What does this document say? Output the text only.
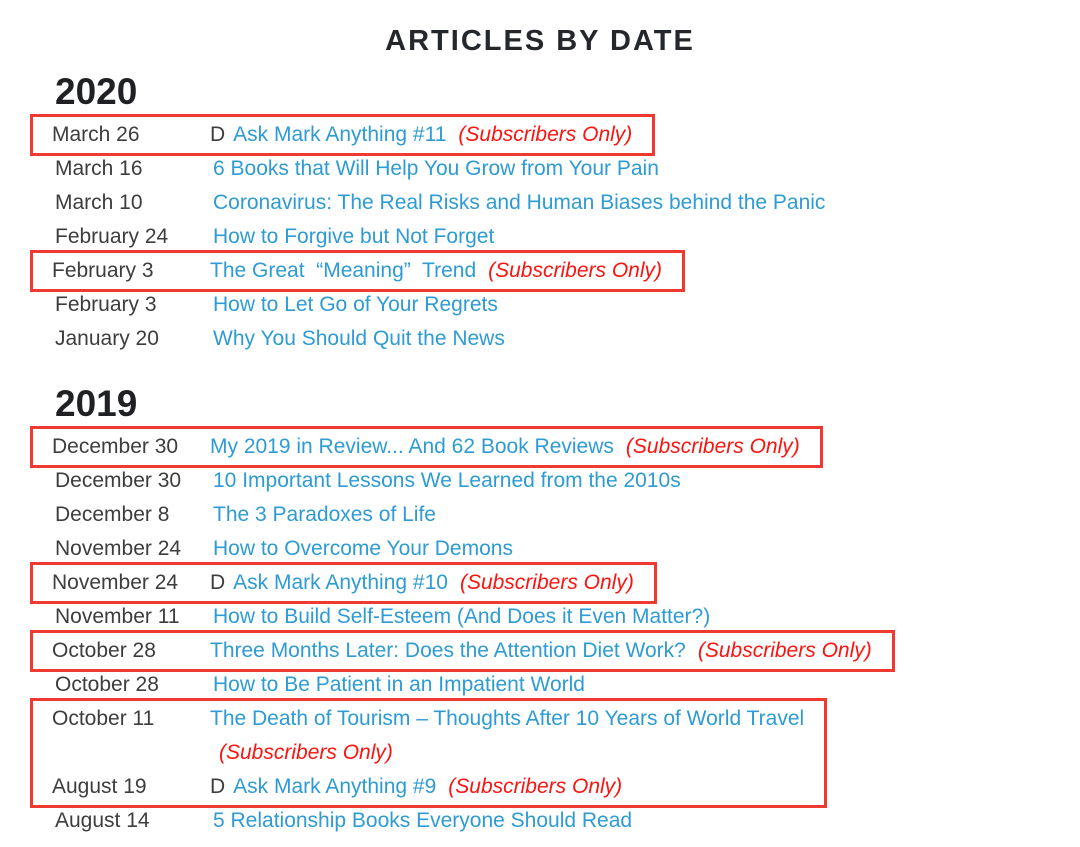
ARTICLES BY DATE
2020
March 26	D Ask Mark Anything #11 (Subscribers Only)
March 16	6 Books that Will Help You Grow from Your Pain
March 10	Coronavirus: The Real Risks and Human Biases behind the Panic
February 24 How to Forgive but Not Forget
February 3	The Great  “Meaning”  Trend (Subscribers Only)
February 3	How to Let Go of Your Regrets
January 20	Why You Should Quit the News
2019
December 30 My 2019 in Review... And 62 Book Reviews (Subscribers Only)
December 30 10 Important Lessons We Learned from the 2010s
December 8 The 3 Paradoxes of Life
November 24 How to Overcome Your Demons
November 24 D Ask Mark Anything #10 (Subscribers Only)
November 11 How to Build Self-Esteem (And Does it Even Matter?)
October 28	Three Months Later: Does the Attention Diet Work? (Subscribers Only)
October 28	How to Be Patient in an Impatient World
October 11	The Death of Tourism – Thoughts After 10 Years of World Travel
(Subscribers Only)
August 19	D Ask Mark Anything #9 (Subscribers Only)
August 14	5 Relationship Books Everyone Should Read
